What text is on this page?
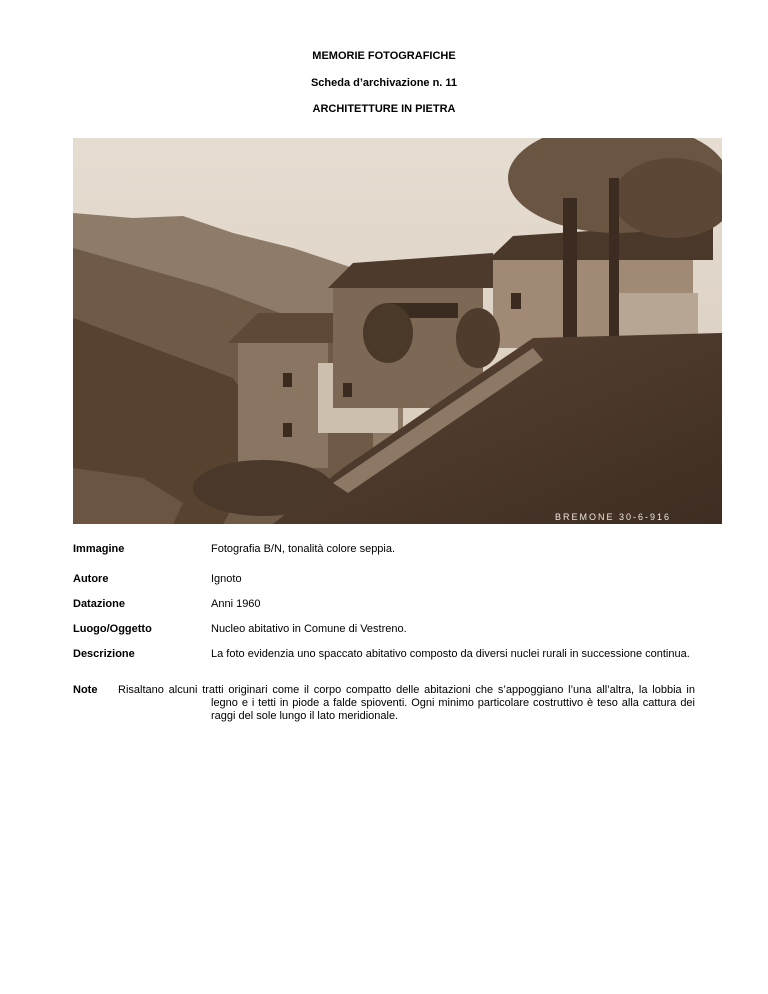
MEMORIE FOTOGRAFICHE

Scheda d’archivazione n. 11

ARCHITETTURE IN PIETRA

BREMONE 30-6-916
Immagine	Fotografia B/N, tonalità colore seppia.
Autore	Ignoto
Datazione	Anni 1960
Luogo/Oggetto	Nucleo abitativo in Comune di Vestreno.
Descrizione	La foto evidenzia uno spaccato abitativo composto da diversi nuclei rurali in successione continua.
Note Risaltano alcuni tratti originari come il corpo compatto delle abitazioni che s’appoggiano l’una all’altra, la lobbia in legno e i tetti in piode a falde spioventi. Ogni minimo particolare costruttivo è teso alla cattura dei raggi del sole lungo il lato meridionale.
